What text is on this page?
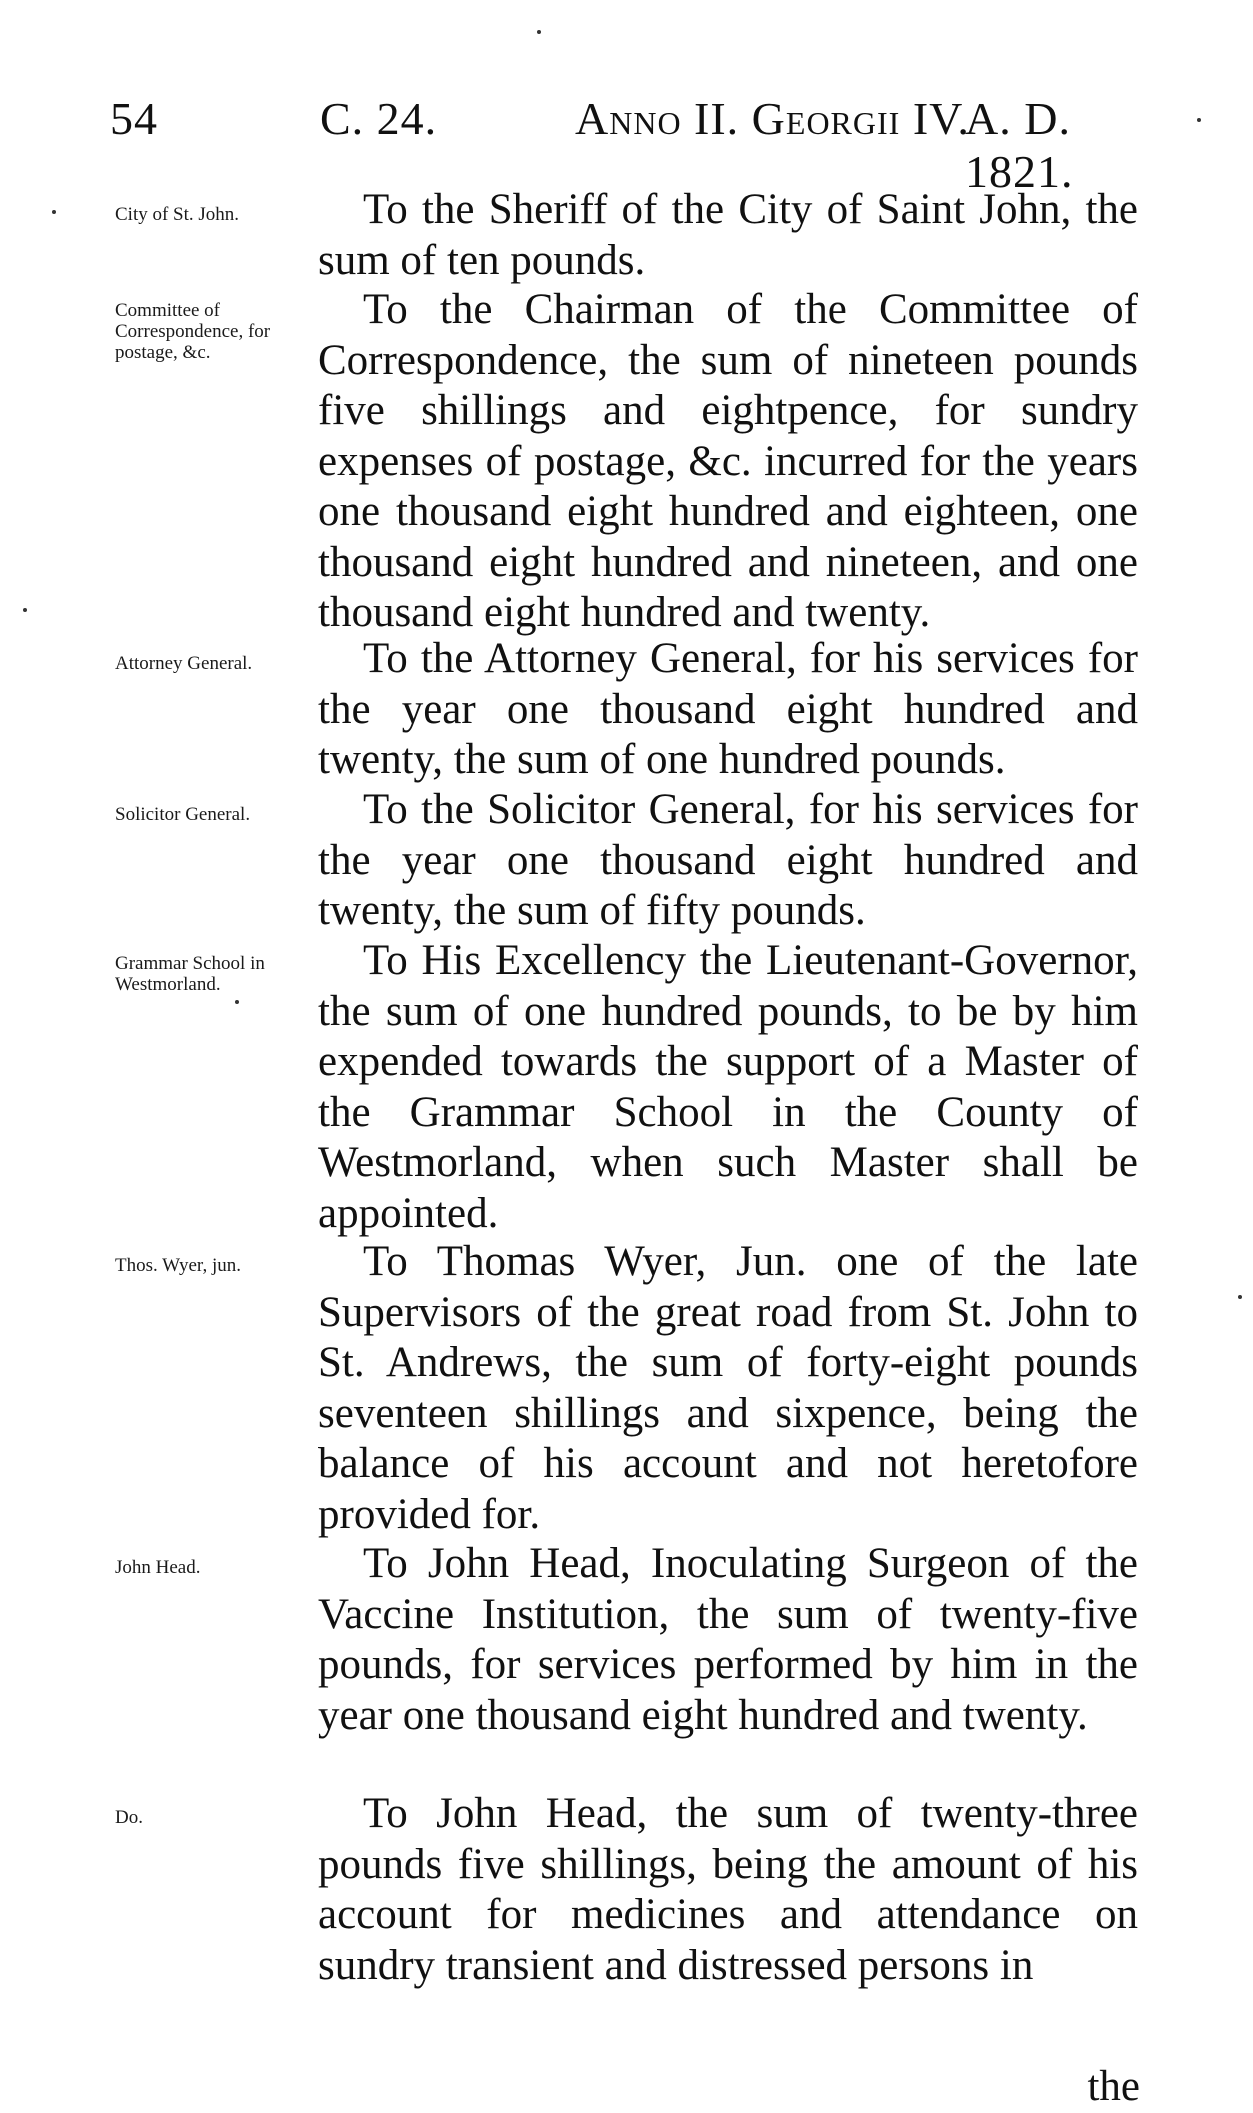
54	C. 24.	Anno II. Georgii IV.
A. D. 1821.
City of St. John.	To the Sheriff of the City of Saint John, the sum of ten pounds.
Committee of Correspondence, for postage, &c.
To the Chairman of the Committee of Correspondence, the sum of nineteen pounds five shillings and eightpence, for sundry expenses of postage, &c. incurred for the years one thousand eight hundred and eighteen, one thousand eight hundred and nineteen, and one thousand eight hundred and twenty.
Attorney General.	To the Attorney General, for his services for the year one thousand eight hundred and twenty, the sum of one hundred pounds.
Solicitor General.	To the Solicitor General, for his services for the year one thousand eight hundred and twenty, the sum of fifty pounds.
Grammar School in Westmorland.
To His Excellency the Lieutenant-Governor, the sum of one hundred pounds, to be by him expended towards the support of a Master of the Grammar School in the County of Westmorland, when such Master shall be appointed.
Thos. Wyer, jun.	To Thomas Wyer, Jun. one of the late Supervisors of the great road from St. John to St. Andrews, the sum of forty-eight pounds seventeen shillings and sixpence, being the balance of his account and not heretofore provided for.
John Head.	To John Head, Inoculating Surgeon of the Vaccine Institution, the sum of twenty-five pounds, for services performed by him in the year one thousand eight hundred and twenty.
Do.	To John Head, the sum of twenty-three pounds five shillings, being the amount of his account for medicines and attendance on sundry transient and distressed persons in
the
